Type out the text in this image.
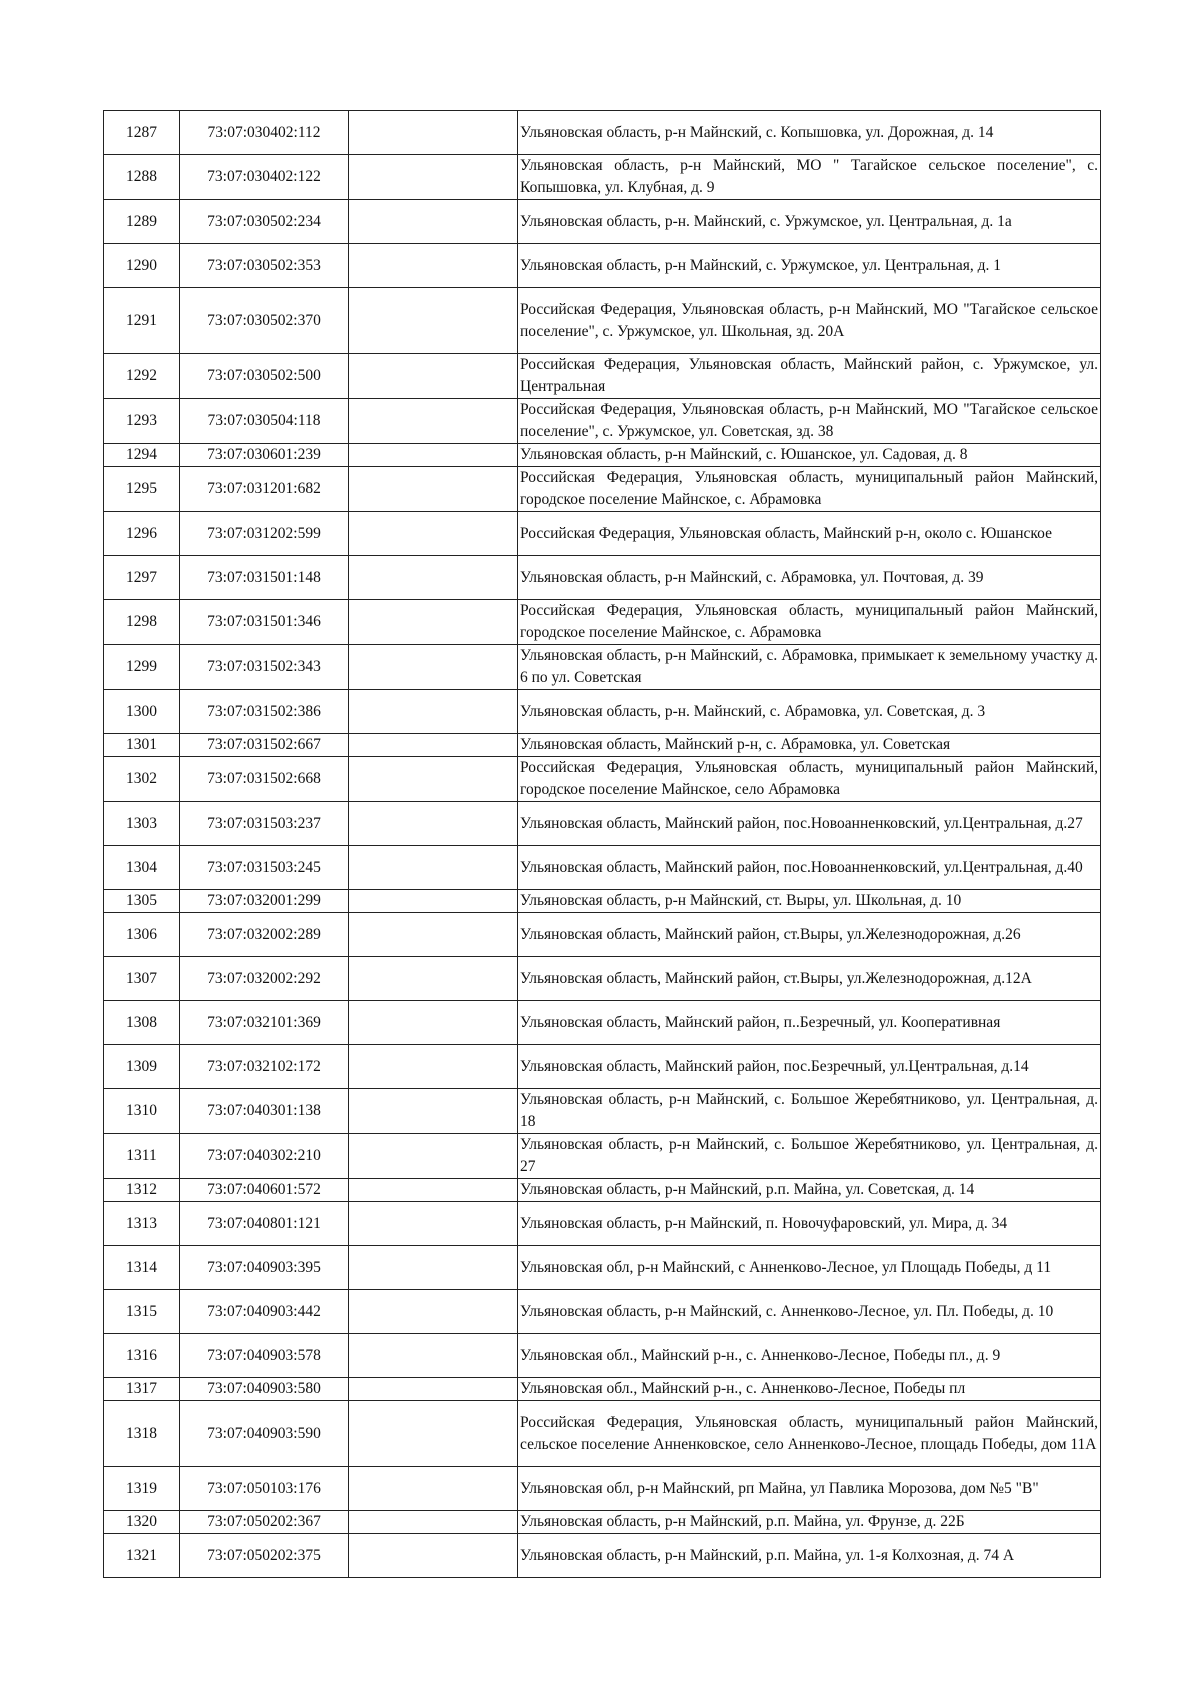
1287	73:07:030402:112		Ульяновская область, р-н Майнский, с. Копышовка, ул. Дорожная, д. 14
1288	73:07:030402:122		Ульяновская область, р-н Майнский, МО " Тагайское сельское поселение", с. Копышовка, ул. Клубная, д. 9
1289	73:07:030502:234		Ульяновская область, р-н. Майнский, с. Уржумское, ул. Центральная, д. 1а
1290	73:07:030502:353		Ульяновская область, р-н Майнский, с. Уржумское, ул. Центральная, д. 1
1291	73:07:030502:370		Российская Федерация, Ульяновская область, р-н Майнский, МО "Тагайское сельское поселение", с. Уржумское, ул. Школьная, зд. 20А
1292	73:07:030502:500		Российская Федерация, Ульяновская область, Майнский район, с. Уржумское, ул. Центральная
1293	73:07:030504:118		Российская Федерация, Ульяновская область, р-н Майнский, МО "Тагайское сельское поселение", с. Уржумское, ул. Советская, зд. 38
1294	73:07:030601:239		Ульяновская область, р-н Майнский, с. Юшанское, ул. Садовая, д. 8
1295	73:07:031201:682		Российская Федерация, Ульяновская область, муниципальный район Майнский, городское поселение Майнское, с. Абрамовка
1296	73:07:031202:599		Российская Федерация, Ульяновская область, Майнский р-н, около с. Юшанское
1297	73:07:031501:148		Ульяновская область, р-н Майнский, с. Абрамовка, ул. Почтовая, д. 39
1298	73:07:031501:346		Российская Федерация, Ульяновская область, муниципальный район Майнский, городское поселение Майнское, с. Абрамовка
1299	73:07:031502:343		Ульяновская область, р-н Майнский, с. Абрамовка, примыкает к земельному участку д. 6 по ул. Советская
1300	73:07:031502:386		Ульяновская область, р-н. Майнский, с. Абрамовка, ул. Советская, д. 3
1301	73:07:031502:667		Ульяновская область, Майнский р-н, с. Абрамовка, ул. Советская
1302	73:07:031502:668		Российская Федерация, Ульяновская область, муниципальный район Майнский, городское поселение Майнское, село Абрамовка
1303	73:07:031503:237		Ульяновская область, Майнский район, пос.Новоанненковский, ул.Центральная, д.27
1304	73:07:031503:245		Ульяновская область, Майнский район, пос.Новоанненковский, ул.Центральная, д.40
1305	73:07:032001:299		Ульяновская область, р-н Майнский, ст. Выры, ул. Школьная, д. 10
1306	73:07:032002:289		Ульяновская область, Майнский район, ст.Выры, ул.Железнодорожная, д.26
1307	73:07:032002:292		Ульяновская область, Майнский район, ст.Выры, ул.Железнодорожная, д.12А
1308	73:07:032101:369		Ульяновская область, Майнский район, п..Безречный, ул. Кооперативная
1309	73:07:032102:172		Ульяновская область, Майнский район, пос.Безречный, ул.Центральная, д.14
1310	73:07:040301:138		Ульяновская область, р-н Майнский, с. Большое Жеребятниково, ул. Центральная, д. 18
1311	73:07:040302:210		Ульяновская область, р-н Майнский, с. Большое Жеребятниково, ул. Центральная, д. 27
1312	73:07:040601:572		Ульяновская область, р-н Майнский, р.п. Майна, ул. Советская, д. 14
1313	73:07:040801:121		Ульяновская область, р-н Майнский, п. Новочуфаровский, ул. Мира, д. 34
1314	73:07:040903:395		Ульяновская обл, р-н Майнский, с Анненково-Лесное, ул Площадь Победы, д 11
1315	73:07:040903:442		Ульяновская область, р-н Майнский, с. Анненково-Лесное, ул. Пл. Победы, д. 10
1316	73:07:040903:578		Ульяновская обл., Майнский р-н., с. Анненково-Лесное, Победы пл., д. 9
1317	73:07:040903:580		Ульяновская обл., Майнский р-н., с. Анненково-Лесное, Победы пл
1318	73:07:040903:590		Российская Федерация, Ульяновская область, муниципальный район Майнский, сельское поселение Анненковское, село Анненково-Лесное, площадь Победы, дом 11А
1319	73:07:050103:176		Ульяновская обл, р-н Майнский, рп Майна, ул Павлика Морозова, дом №5 "В"
1320	73:07:050202:367		Ульяновская область, р-н Майнский, р.п. Майна, ул. Фрунзе, д. 22Б
1321	73:07:050202:375		Ульяновская область, р-н Майнский, р.п. Майна, ул. 1-я Колхозная, д. 74 А
